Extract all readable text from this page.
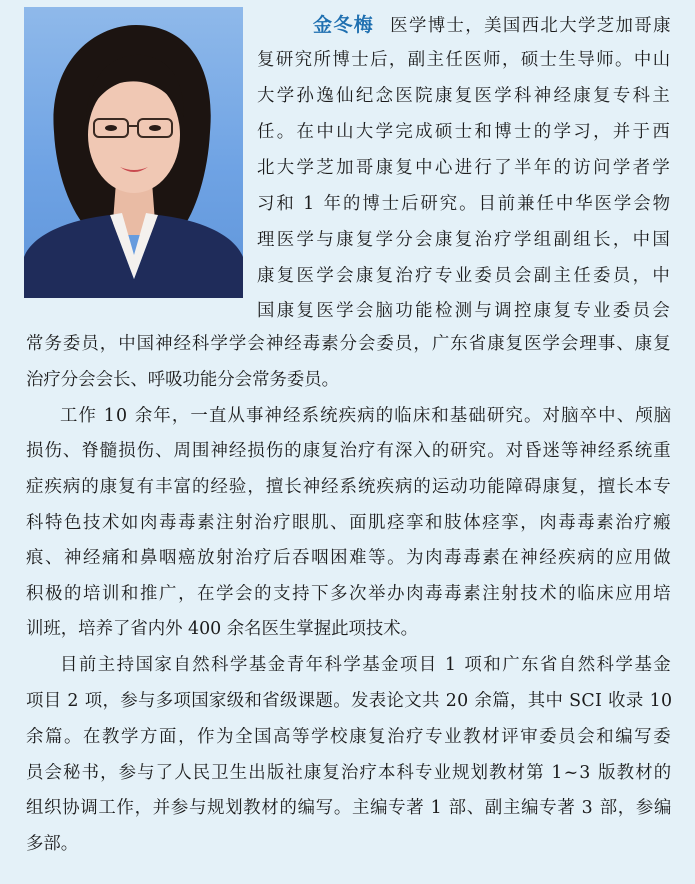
金冬梅 医学博士，美国西北大学芝加哥康
复研究所博士后，副主任医师，硕士生导师。中山
大学孙逸仙纪念医院康复医学科神经康复专科主
任。在中山大学完成硕士和博士的学习，并于西
北大学芝加哥康复中心进行了半年的访问学者学
习和 1 年的博士后研究。目前兼任中华医学会物
理医学与康复学分会康复治疗学组副组长，中国
康复医学会康复治疗专业委员会副主任委员，中
国康复医学会脑功能检测与调控康复专业委员会
常务委员，中国神经科学学会神经毒素分会委员，广东省康复医学会理事、康复
治疗分会会长、呼吸功能分会常务委员。
工作 10 余年，一直从事神经系统疾病的临床和基础研究。对脑卒中、颅脑
损伤、脊髓损伤、周围神经损伤的康复治疗有深入的研究。对昏迷等神经系统重
症疾病的康复有丰富的经验，擅长神经系统疾病的运动功能障碍康复，擅长本专
科特色技术如肉毒毒素注射治疗眼肌、面肌痉挛和肢体痉挛，肉毒毒素治疗瘢
痕、神经痛和鼻咽癌放射治疗后吞咽困难等。为肉毒毒素在神经疾病的应用做
积极的培训和推广，在学会的支持下多次举办肉毒毒素注射技术的临床应用培
训班，培养了省内外 400 余名医生掌握此项技术。
目前主持国家自然科学基金青年科学基金项目 1 项和广东省自然科学基金
项目 2 项，参与多项国家级和省级课题。发表论文共 20 余篇，其中 SCI 收录 10
余篇。在教学方面，作为全国高等学校康复治疗专业教材评审委员会和编写委
员会秘书，参与了人民卫生出版社康复治疗本科专业规划教材第 1~3 版教材的
组织协调工作，并参与规划教材的编写。主编专著 1 部、副主编专著 3 部，参编
多部。
